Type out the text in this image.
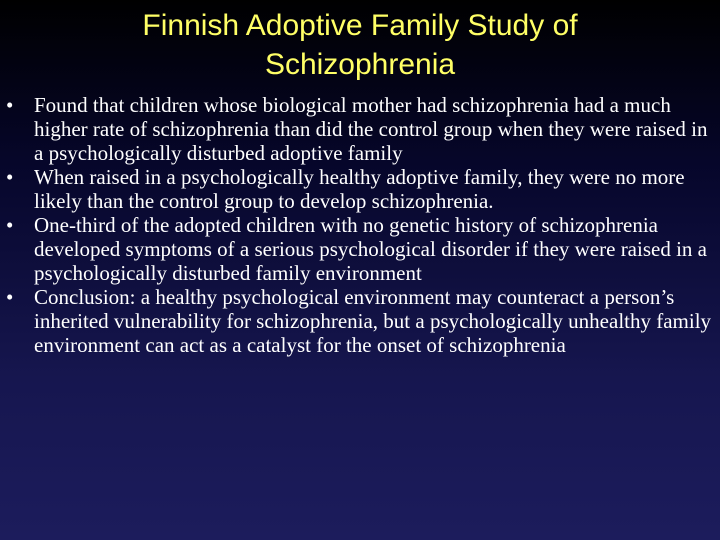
Finnish Adoptive Family Study of Schizophrenia
• Found that children whose biological mother had schizophrenia had a much higher rate of schizophrenia than did the control group when they were raised in a psychologically disturbed adoptive family
• When raised in a psychologically healthy adoptive family, they were no more likely than the control group to develop schizophrenia.
• One-third of the adopted children with no genetic history of schizophrenia developed symptoms of a serious psychological disorder if they were raised in a psychologically disturbed family environment
• Conclusion: a healthy psychological environment may counteract a person’s inherited vulnerability for schizophrenia, but a psychologically unhealthy family environment can act as a catalyst for the onset of schizophrenia
